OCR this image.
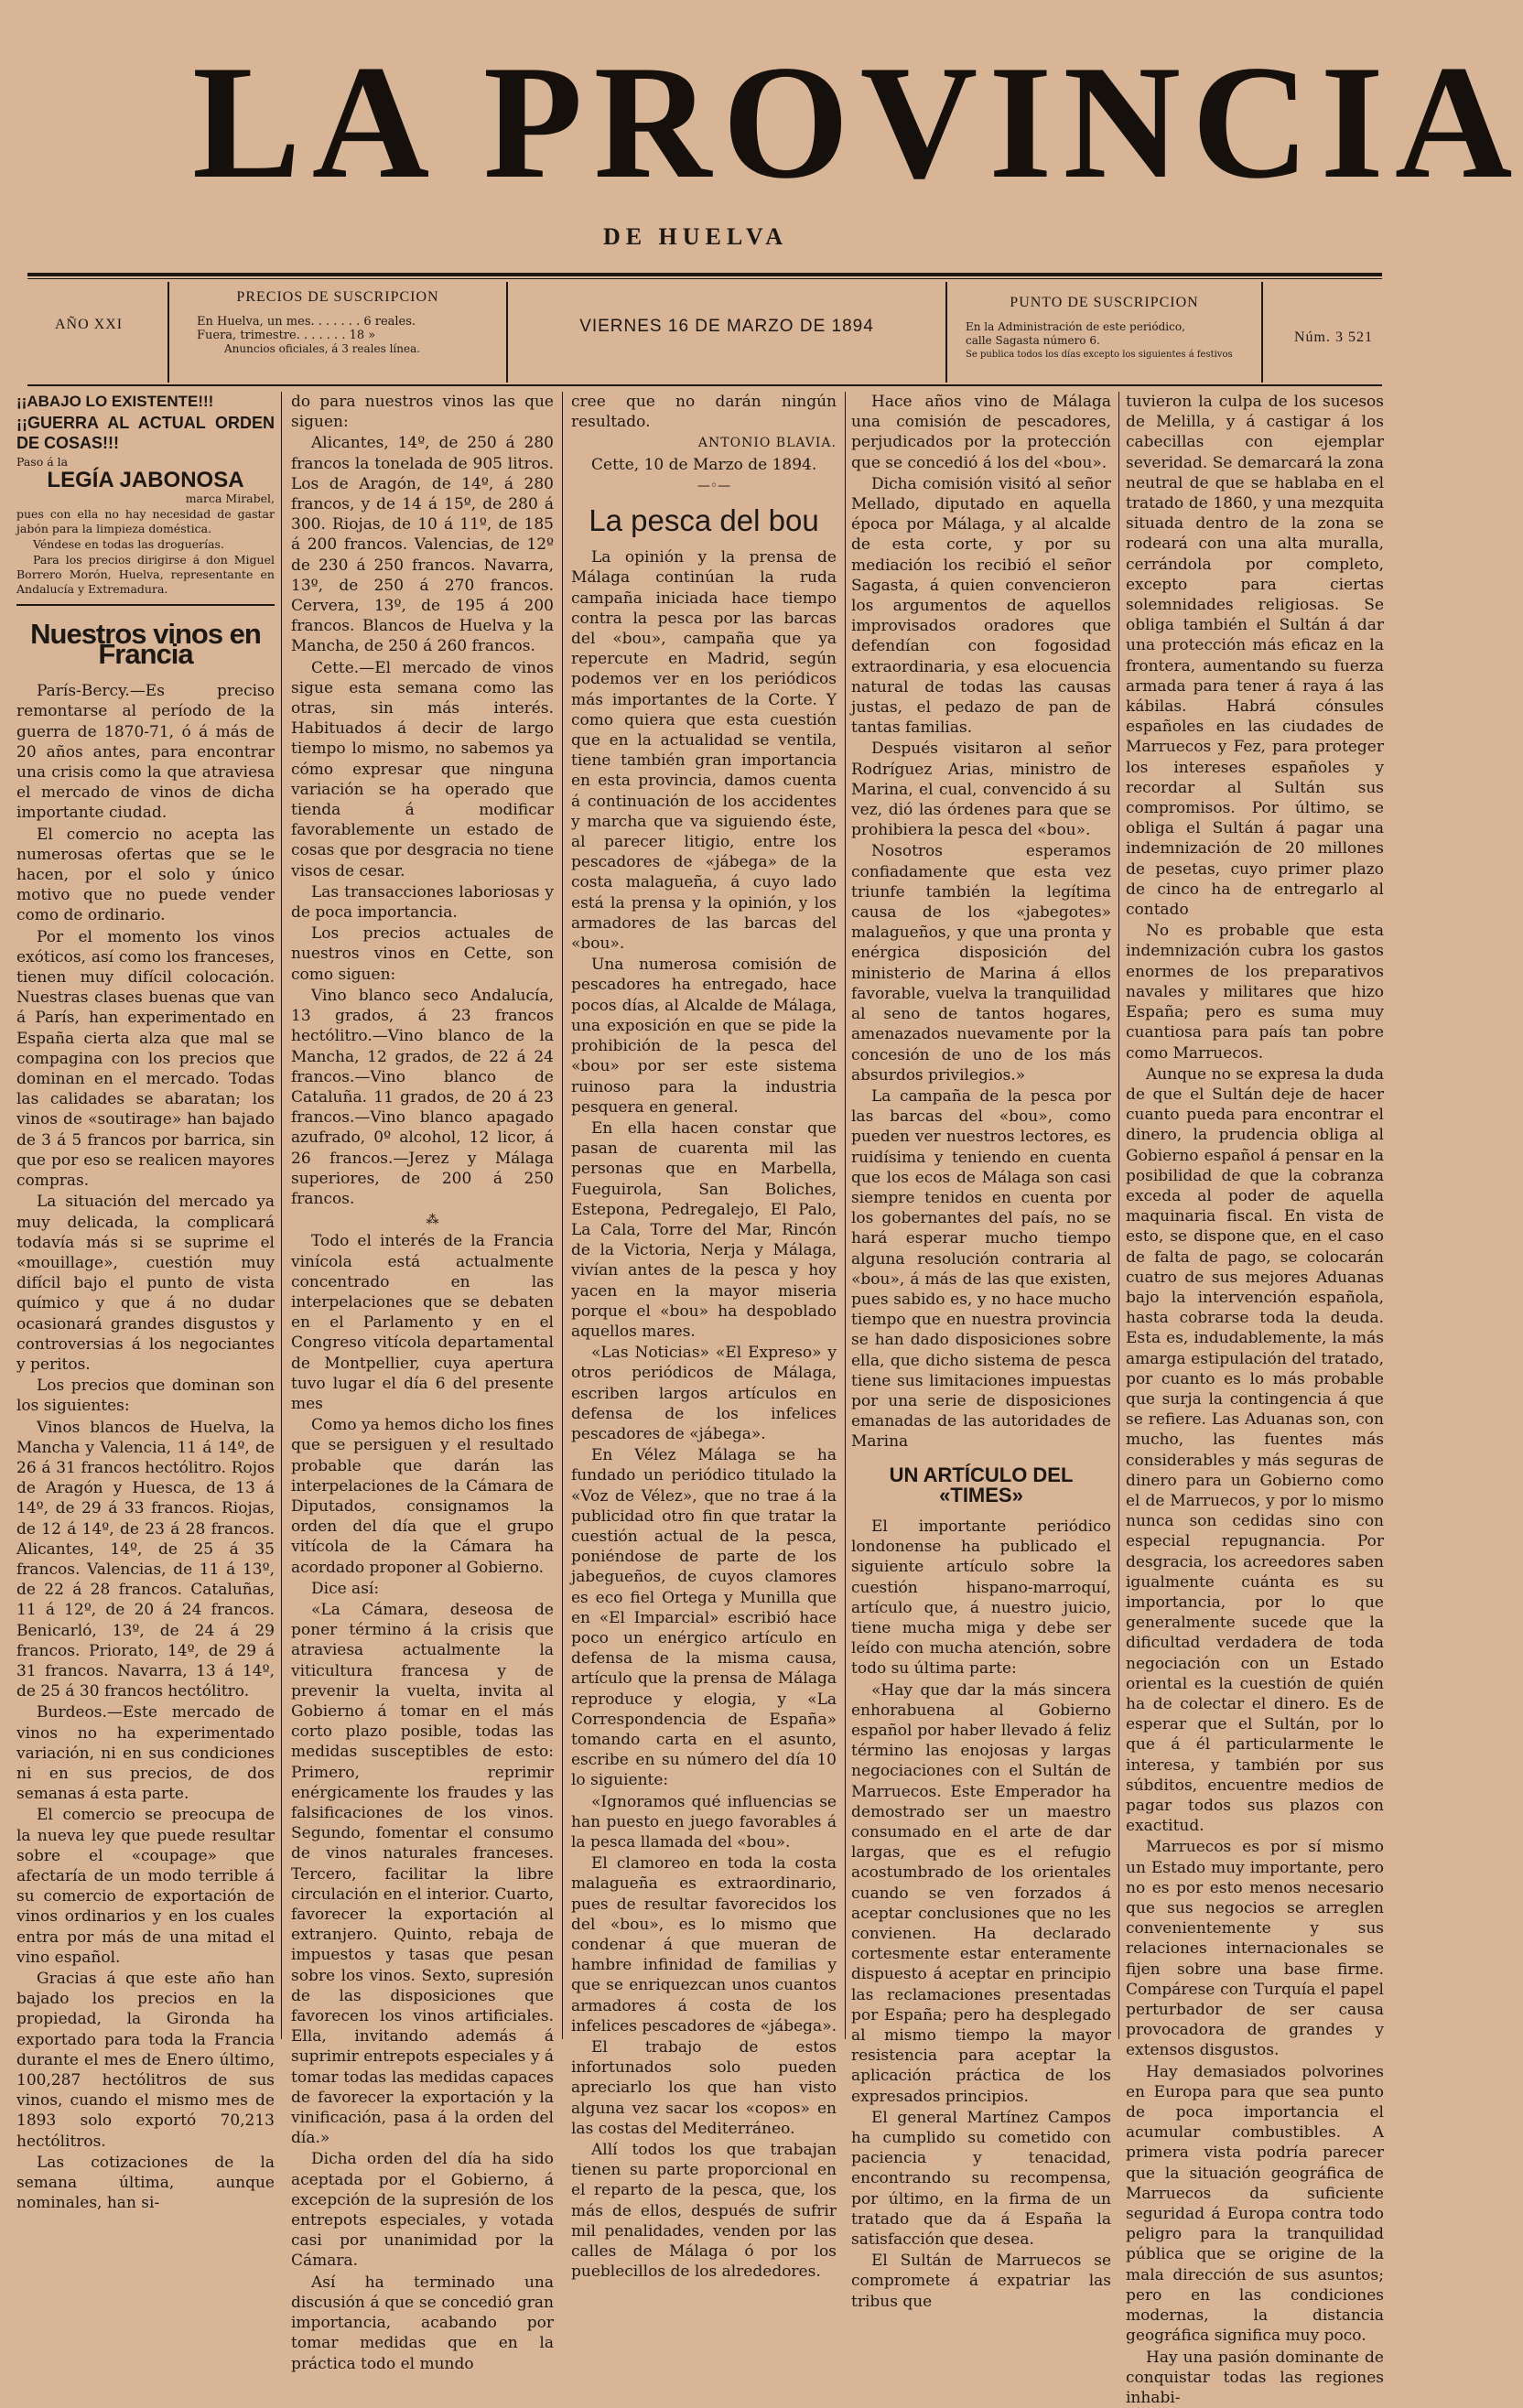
LA PROVINCIA
DE HUELVA
AÑO XXI
PRECIOS DE SUSCRIPCION
En Huelva, un mes. . . . . . . 6 reales.
Fuera, trimestre. . . . . . . 18 »
Anuncios oficiales, á 3 reales línea.
VIERNES 16 DE MARZO DE 1894
PUNTO DE SUSCRIPCION
En la Administración de este periódico,
calle Sagasta número 6.
Se publica todos los días excepto los siguientes á festivos
Núm. 3 521

¡¡ABAJO LO EXISTENTE!!!

¡¡GUERRA AL ACTUAL ORDEN DE COSAS!!!

Paso á la

LEGÍA JABONOSA

marca Mirabel,

pues con ella no hay necesidad de gastar jabón para la limpieza doméstica.

Véndese en todas las droguerías.

Para los precios dirigirse á don Miguel Borrero Morón, Huelva, representante en Andalucía y Extremadura.

Nuestros vinos en Francia

París-Bercy.—Es preciso remontarse al período de la guerra de 1870-71, ó á más de 20 años antes, para encontrar una crisis como la que atraviesa el mercado de vinos de dicha importante ciudad.

El comercio no acepta las numerosas ofertas que se le hacen, por el solo y único motivo que no puede vender como de ordinario.

Por el momento los vinos exóticos, así como los franceses, tienen muy difícil colocación. Nuestras clases buenas que van á París, han experimentado en España cierta alza que mal se compagina con los precios que dominan en el mercado. Todas las calidades se abaratan; los vinos de «soutirage» han bajado de 3 á 5 francos por barrica, sin que por eso se realicen mayores compras.

La situación del mercado ya muy delicada, la complicará todavía más si se suprime el «mouillage», cuestión muy difícil bajo el punto de vista químico y que á no dudar ocasionará grandes disgustos y controversias á los negociantes y peritos.

Los precios que dominan son los siguientes:

Vinos blancos de Huelva, la Mancha y Valencia, 11 á 14º, de 26 á 31 francos hectólitro. Rojos de Aragón y Huesca, de 13 á 14º, de 29 á 33 francos. Riojas, de 12 á 14º, de 23 á 28 francos. Alicantes, 14º, de 25 á 35 francos. Valencias, de 11 á 13º, de 22 á 28 francos. Cataluñas, 11 á 12º, de 20 á 24 francos. Benicarló, 13º, de 24 á 29 francos. Priorato, 14º, de 29 á 31 francos. Navarra, 13 á 14º, de 25 á 30 francos hectólitro.

Burdeos.—Este mercado de vinos no ha experimentado variación, ni en sus condiciones ni en sus precios, de dos semanas á esta parte.

El comercio se preocupa de la nueva ley que puede resultar sobre el «coupage» que afectaría de un modo terrible á su comercio de exportación de vinos ordinarios y en los cuales entra por más de una mitad el vino español.

Gracias á que este año han bajado los precios en la propiedad, la Gironda ha exportado para toda la Francia durante el mes de Enero último, 100,287 hectólitros de sus vinos, cuando el mismo mes de 1893 solo exportó 70,213 hectólitros.

Las cotizaciones de la semana última, aunque nominales, han si-

do para nuestros vinos las que siguen:

Alicantes, 14º, de 250 á 280 francos la tonelada de 905 litros. Los de Aragón, de 14º, á 280 francos, y de 14 á 15º, de 280 á 300. Riojas, de 10 á 11º, de 185 á 200 francos. Valencias, de 12º de 230 á 250 francos. Navarra, 13º, de 250 á 270 francos. Cervera, 13º, de 195 á 200 francos. Blancos de Huelva y la Mancha, de 250 á 260 francos.

Cette.—El mercado de vinos sigue esta semana como las otras, sin más interés. Habituados á decir de largo tiempo lo mismo, no sabemos ya cómo expresar que ninguna variación se ha operado que tienda á modificar favorablemente un estado de cosas que por desgracia no tiene visos de cesar.

Las transacciones laboriosas y de poca importancia.

Los precios actuales de nuestros vinos en Cette, son como siguen:

Vino blanco seco Andalucía, 13 grados, á 23 francos hectólitro.—Vino blanco de la Mancha, 12 grados, de 22 á 24 francos.—Vino blanco de Cataluña. 11 grados, de 20 á 23 francos.—Vino blanco apagado azufrado, 0º alcohol, 12 licor, á 26 francos.—Jerez y Málaga superiores, de 200 á 250 francos.

⁂

Todo el interés de la Francia vinícola está actualmente concentrado en las interpelaciones que se debaten en el Parlamento y en el Congreso vitícola departamental de Montpellier, cuya apertura tuvo lugar el día 6 del presente mes

Como ya hemos dicho los fines que se persiguen y el resultado probable que darán las interpelaciones de la Cámara de Diputados, consignamos la orden del día que el grupo vitícola de la Cámara ha acordado proponer al Gobierno.

Dice así:

«La Cámara, deseosa de poner término á la crisis que atraviesa actualmente la viticultura francesa y de prevenir la vuelta, invita al Gobierno á tomar en el más corto plazo posible, todas las medidas susceptibles de esto: Primero, reprimir enérgicamente los fraudes y las falsificaciones de los vinos. Segundo, fomentar el consumo de vinos naturales franceses. Tercero, facilitar la libre circulación en el interior. Cuarto, favorecer la exportación al extranjero. Quinto, rebaja de impuestos y tasas que pesan sobre los vinos. Sexto, supresión de las disposiciones que favorecen los vinos artificiales. Ella, invitando además á suprimir entrepots especiales y á tomar todas las medidas capaces de favorecer la exportación y la vinificación, pasa á la orden del día.»

Dicha orden del día ha sido aceptada por el Gobierno, á excepción de la supresión de los entrepots especiales, y votada casi por unanimidad por la Cámara.

Así ha terminado una discusión á que se concedió gran importancia, acabando por tomar medidas que en la práctica todo el mundo

cree que no darán ningún resultado.

ANTONIO BLAVIA.

Cette, 10 de Marzo de 1894.

—◦—

La pesca del bou

La opinión y la prensa de Málaga continúan la ruda campaña iniciada hace tiempo contra la pesca por las barcas del «bou», campaña que ya repercute en Madrid, según podemos ver en los periódicos más importantes de la Corte. Y como quiera que esta cuestión que en la actualidad se ventila, tiene también gran importancia en esta provincia, damos cuenta á continuación de los accidentes y marcha que va siguiendo éste, al parecer litigio, entre los pescadores de «jábega» de la costa malagueña, á cuyo lado está la prensa y la opinión, y los armadores de las barcas del «bou».

Una numerosa comisión de pescadores ha entregado, hace pocos días, al Alcalde de Málaga, una exposición en que se pide la prohibición de la pesca del «bou» por ser este sistema ruinoso para la industria pesquera en general.

En ella hacen constar que pasan de cuarenta mil las personas que en Marbella, Fueguirola, San Boliches, Estepona, Pedregalejo, El Palo, La Cala, Torre del Mar, Rincón de la Victoria, Nerja y Málaga, vivían antes de la pesca y hoy yacen en la mayor miseria porque el «bou» ha despoblado aquellos mares.

«Las Noticias» «El Expreso» y otros periódicos de Málaga, escriben largos artículos en defensa de los infelices pescadores de «jábega».

En Vélez Málaga se ha fundado un periódico titulado la «Voz de Vélez», que no trae á la publicidad otro fin que tratar la cuestión actual de la pesca, poniéndose de parte de los jabegueños, de cuyos clamores es eco fiel Ortega y Munilla que en «El Imparcial» escribió hace poco un enérgico artículo en defensa de la misma causa, artículo que la prensa de Málaga reproduce y elogia, y «La Correspondencia de España» tomando carta en el asunto, escribe en su número del día 10 lo siguiente:

«Ignoramos qué influencias se han puesto en juego favorables á la pesca llamada del «bou».

El clamoreo en toda la costa malagueña es extraordinario, pues de resultar favorecidos los del «bou», es lo mismo que condenar á que mueran de hambre infinidad de familias y que se enriquezcan unos cuantos armadores á costa de los infelices pescadores de «jábega».

El trabajo de estos infortunados solo pueden apreciarlo los que han visto alguna vez sacar los «copos» en las costas del Mediterráneo.

Allí todos los que trabajan tienen su parte proporcional en el reparto de la pesca, que, los más de ellos, después de sufrir mil penalidades, venden por las calles de Málaga ó por los pueblecillos de los alrededores.

Hace años vino de Málaga una comisión de pescadores, perjudicados por la protección que se concedió á los del «bou».

Dicha comisión visitó al señor Mellado, diputado en aquella época por Málaga, y al alcalde de esta corte, y por su mediación los recibió el señor Sagasta, á quien convencieron los argumentos de aquellos improvisados oradores que defendían con fogosidad extraordinaria, y esa elocuencia natural de todas las causas justas, el pedazo de pan de tantas familias.

Después visitaron al señor Rodríguez Arias, ministro de Marina, el cual, convencido á su vez, dió las órdenes para que se prohibiera la pesca del «bou».

Nosotros esperamos confiadamente que esta vez triunfe también la legítima causa de los «jabegotes» malagueños, y que una pronta y enérgica disposición del ministerio de Marina á ellos favorable, vuelva la tranquilidad al seno de tantos hogares, amenazados nuevamente por la concesión de uno de los más absurdos privilegios.»

La campaña de la pesca por las barcas del «bou», como pueden ver nuestros lectores, es ruidísima y teniendo en cuenta que los ecos de Málaga son casi siempre tenidos en cuenta por los gobernantes del país, no se hará esperar mucho tiempo alguna resolución contraria al «bou», á más de las que existen, pues sabido es, y no hace mucho tiempo que en nuestra provincia se han dado disposiciones sobre ella, que dicho sistema de pesca tiene sus limitaciones impuestas por una serie de disposiciones emanadas de las autoridades de Marina

UN ARTÍCULO DEL «TIMES»

El importante periódico londonense ha publicado el siguiente artículo sobre la cuestión hispano-marroquí, artículo que, á nuestro juicio, tiene mucha miga y debe ser leído con mucha atención, sobre todo su última parte:

«Hay que dar la más sincera enhorabuena al Gobierno español por haber llevado á feliz término las enojosas y largas negociaciones con el Sultán de Marruecos. Este Emperador ha demostrado ser un maestro consumado en el arte de dar largas, que es el refugio acostumbrado de los orientales cuando se ven forzados á aceptar conclusiones que no les convienen. Ha declarado cortesmente estar enteramente dispuesto á aceptar en principio las reclamaciones presentadas por España; pero ha desplegado al mismo tiempo la mayor resistencia para aceptar la aplicación práctica de los expresados principios.

El general Martínez Campos ha cumplido su cometido con paciencia y tenacidad, encontrando su recompensa, por último, en la firma de un tratado que da á España la satisfacción que desea.

El Sultán de Marruecos se compromete á expatriar las tribus que

tuvieron la culpa de los sucesos de Melilla, y á castigar á los cabecillas con ejemplar severidad. Se demarcará la zona neutral de que se hablaba en el tratado de 1860, y una mezquita situada dentro de la zona se rodeará con una alta muralla, cerrándola por completo, excepto para ciertas solemnidades religiosas. Se obliga también el Sultán á dar una protección más eficaz en la frontera, aumentando su fuerza armada para tener á raya á las kábilas. Habrá cónsules españoles en las ciudades de Marruecos y Fez, para proteger los intereses españoles y recordar al Sultán sus compromisos. Por último, se obliga el Sultán á pagar una indemnización de 20 millones de pesetas, cuyo primer plazo de cinco ha de entregarlo al contado

No es probable que esta indemnización cubra los gastos enormes de los preparativos navales y militares que hizo España; pero es suma muy cuantiosa para país tan pobre como Marruecos.

Aunque no se expresa la duda de que el Sultán deje de hacer cuanto pueda para encontrar el dinero, la prudencia obliga al Gobierno español á pensar en la posibilidad de que la cobranza exceda al poder de aquella maquinaria fiscal. En vista de esto, se dispone que, en el caso de falta de pago, se colocarán cuatro de sus mejores Aduanas bajo la intervención española, hasta cobrarse toda la deuda. Esta es, indudablemente, la más amarga estipulación del tratado, por cuanto es lo más probable que surja la contingencia á que se refiere. Las Aduanas son, con mucho, las fuentes más considerables y más seguras de dinero para un Gobierno como el de Marruecos, y por lo mismo nunca son cedidas sino con especial repugnancia. Por desgracia, los acreedores saben igualmente cuánta es su importancia, por lo que generalmente sucede que la dificultad verdadera de toda negociación con un Estado oriental es la cuestión de quién ha de colectar el dinero. Es de esperar que el Sultán, por lo que á él particularmente le interesa, y también por sus súbditos, encuentre medios de pagar todos sus plazos con exactitud.

Marruecos es por sí mismo un Estado muy importante, pero no es por esto menos necesario que sus negocios se arreglen convenientemente y sus relaciones internacionales se fijen sobre una base firme. Compárese con Turquía el papel perturbador de ser causa provocadora de grandes y extensos disgustos.

Hay demasiados polvorines en Europa para que sea punto de poca importancia el acumular combustibles. A primera vista podría parecer que la situación geográfica de Marruecos da suficiente seguridad á Europa contra todo peligro para la tranquilidad pública que se origine de la mala dirección de sus asuntos; pero en las condiciones modernas, la distancia geográfica significa muy poco.

Hay una pasión dominante de conquistar todas las regiones inhabi-
